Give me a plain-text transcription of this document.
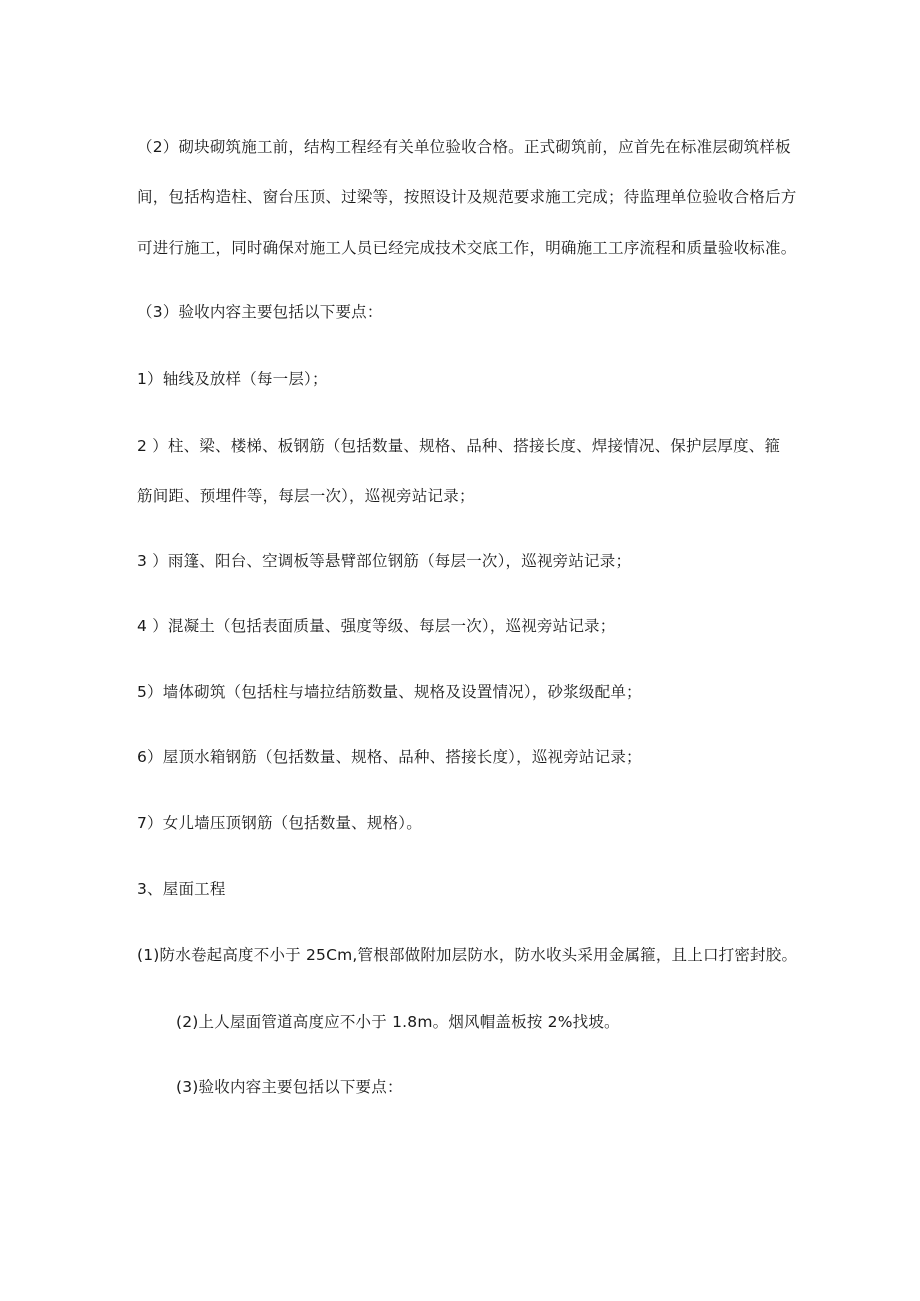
（2）砌块砌筑施工前，结构工程经有关单位验收合格。正式砌筑前，应首先在标准层砌筑样板
间，包括构造柱、窗台压顶、过梁等，按照设计及规范要求施工完成；待监理单位验收合格后方
可进行施工，同时确保对施工人员已经完成技术交底工作，明确施工工序流程和质量验收标准。
（3）验收内容主要包括以下要点：
1）轴线及放样（每一层）；
2 ）柱、梁、楼梯、板钢筋（包括数量、规格、品种、搭接长度、焊接情况、保护层厚度、箍
筋间距、预埋件等，每层一次），巡视旁站记录；
3 ）雨篷、阳台、空调板等悬臂部位钢筋（每层一次），巡视旁站记录；
4 ）混凝土（包括表面质量、强度等级、每层一次），巡视旁站记录；
5）墙体砌筑（包括柱与墙拉结筋数量、规格及设置情况），砂浆级配单；
6）屋顶水箱钢筋（包括数量、规格、品种、搭接长度），巡视旁站记录；
7）女儿墙压顶钢筋（包括数量、规格）。
3、屋面工程
(1)防水卷起高度不小于 25Cm,管根部做附加层防水，防水收头采用金属箍，且上口打密封胶。
(2)上人屋面管道高度应不小于 1.8m。烟风帽盖板按 2%找坡。
(3)验收内容主要包括以下要点：
